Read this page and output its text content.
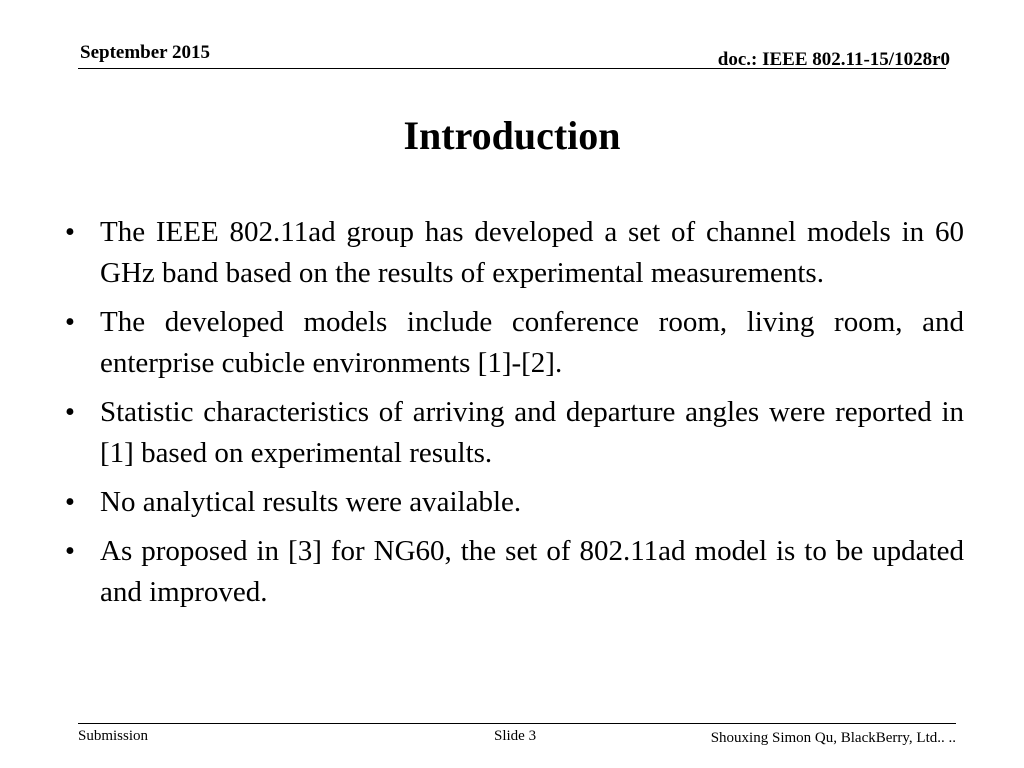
September 2015	doc.: IEEE 802.11-15/1028r0
Introduction
• The IEEE 802.11ad group has developed a set of channel models in 60 GHz band based on the results of experimental measurements.
• The developed models include conference room, living room, and enterprise cubicle environments [1]-[2].
• Statistic characteristics of arriving and departure angles were reported in [1] based on experimental results.
• No analytical results were available.
• As proposed in [3] for NG60, the set of 802.11ad model is to be updated and improved.
Submission	Slide 3	Shouxing Simon Qu, BlackBerry, Ltd.. ..
